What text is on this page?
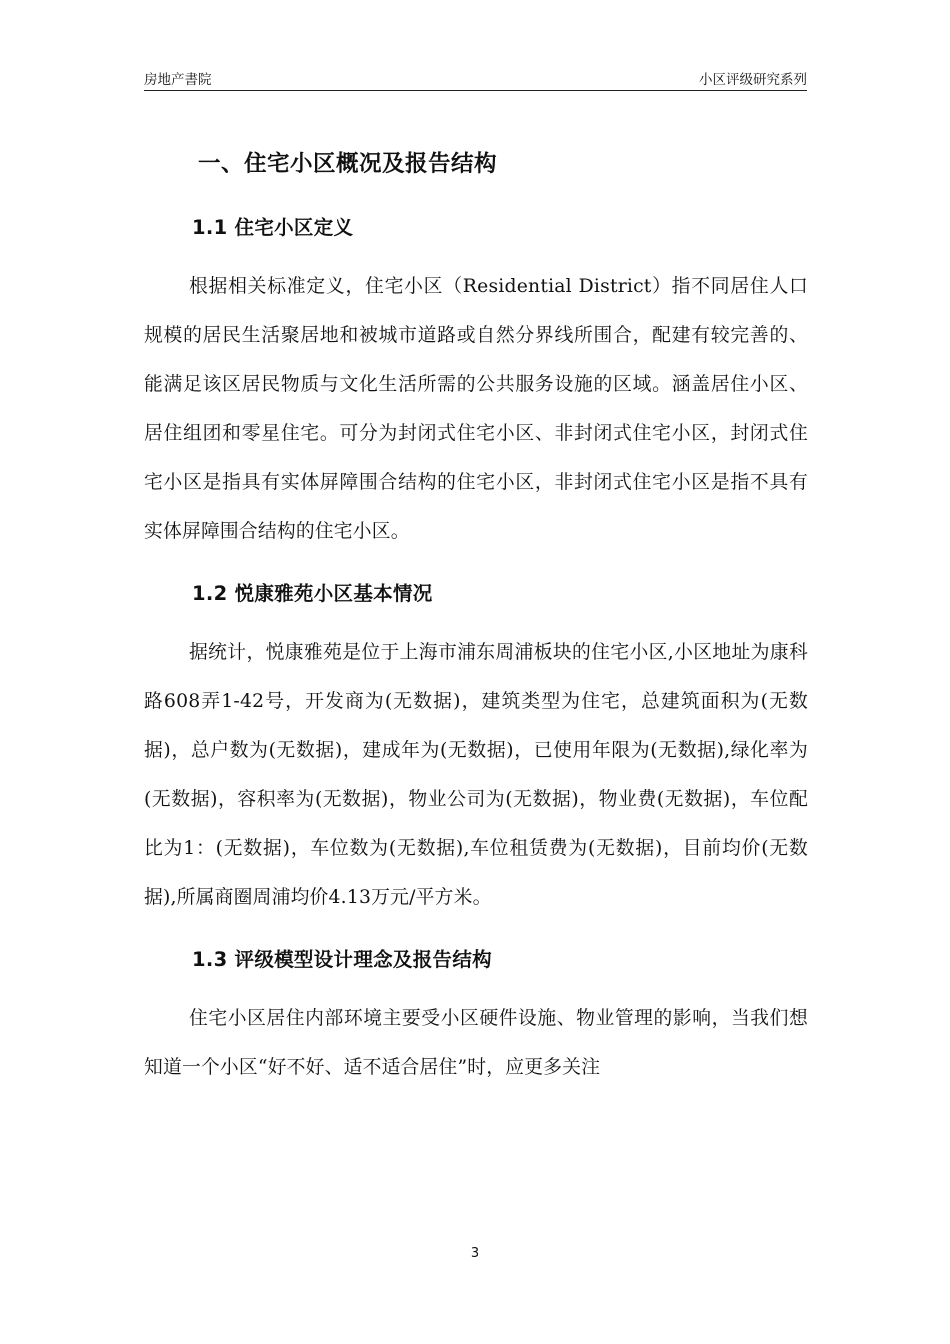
房地产書院	小区评级研究系列
一、住宅小区概况及报告结构
1.1 住宅小区定义

根据相关标准定义，住宅小区（Residential District）指不同居住人口规模的居民生活聚居地和被城市道路或自然分界线所围合，配建有较完善的、能满足该区居民物质与文化生活所需的公共服务设施的区域。涵盖居住小区、居住组团和零星住宅。可分为封闭式住宅小区、非封闭式住宅小区，封闭式住宅小区是指具有实体屏障围合结构的住宅小区，非封闭式住宅小区是指不具有实体屏障围合结构的住宅小区。

1.2 悦康雅苑小区基本情况

据统计，悦康雅苑是位于上海市浦东周浦板块的住宅小区,小区地址为康科路608弄1-42号，开发商为(无数据)，建筑类型为住宅，总建筑面积为(无数据)，总户数为(无数据)，建成年为(无数据)，已使用年限为(无数据),绿化率为(无数据)，容积率为(无数据)，物业公司为(无数据)，物业费(无数据)，车位配比为1：(无数据)，车位数为(无数据),车位租赁费为(无数据)，目前均价(无数据),所属商圈周浦均价4.13万元/平方米。

1.3 评级模型设计理念及报告结构

住宅小区居住内部环境主要受小区硬件设施、物业管理的影响，当我们想知道一个小区“好不好、适不适合居住”时，应更多关注

3
